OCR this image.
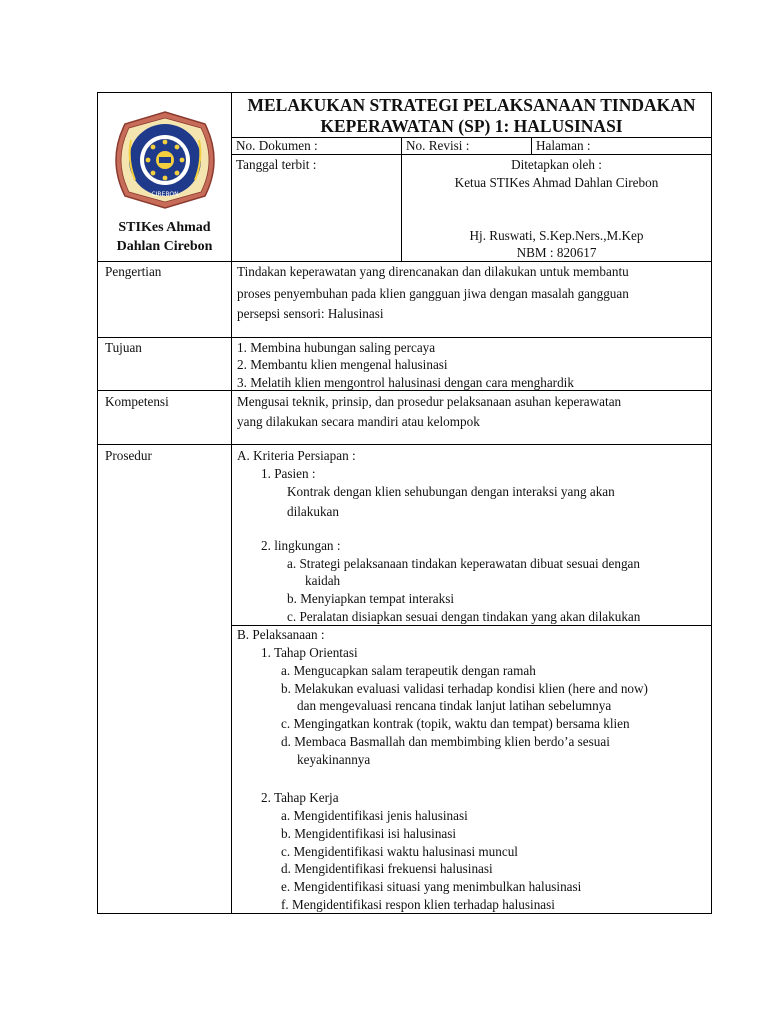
MELAKUKAN STRATEGI PELAKSANAAN TINDAKAN
KEPERAWATAN (SP) 1: HALUSINASI
CIREBON
STIKes Ahmad
Dahlan Cirebon
No. Dokumen :	No. Revisi :	Halaman :
Tanggal terbit :	Ditetapkan oleh :
Ketua STIKes Ahmad Dahlan Cirebon
Hj. Ruswati, S.Kep.Ners.,M.Kep
NBM : 820617
Pengertian	Tindakan keperawatan yang direncanakan dan dilakukan untuk membantu
proses penyembuhan pada klien gangguan jiwa dengan masalah gangguan
persepsi sensori: Halusinasi
Tujuan	1. Membina hubungan saling percaya
2. Membantu klien mengenal halusinasi
3. Melatih klien mengontrol halusinasi dengan cara menghardik
Kompetensi	Mengusai teknik, prinsip, dan prosedur pelaksanaan asuhan keperawatan
yang dilakukan secara mandiri atau kelompok
Prosedur	A. Kriteria Persiapan :
1. Pasien :
Kontrak dengan klien sehubungan dengan interaksi yang akan
dilakukan
2. lingkungan :
a. Strategi pelaksanaan tindakan keperawatan dibuat sesuai dengan
kaidah
b. Menyiapkan tempat interaksi
c. Peralatan disiapkan sesuai dengan tindakan yang akan dilakukan
B. Pelaksanaan :
1. Tahap Orientasi
a. Mengucapkan salam terapeutik dengan ramah
b. Melakukan evaluasi validasi terhadap kondisi klien (here and now)
dan mengevaluasi rencana tindak lanjut latihan sebelumnya
c. Mengingatkan kontrak (topik, waktu dan tempat) bersama klien
d. Membaca Basmallah dan membimbing klien berdo’a sesuai
keyakinannya
2. Tahap Kerja
a. Mengidentifikasi jenis halusinasi
b. Mengidentifikasi isi halusinasi
c. Mengidentifikasi waktu halusinasi muncul
d. Mengidentifikasi frekuensi halusinasi
e. Mengidentifikasi situasi yang menimbulkan halusinasi
f. Mengidentifikasi respon klien terhadap halusinasi
